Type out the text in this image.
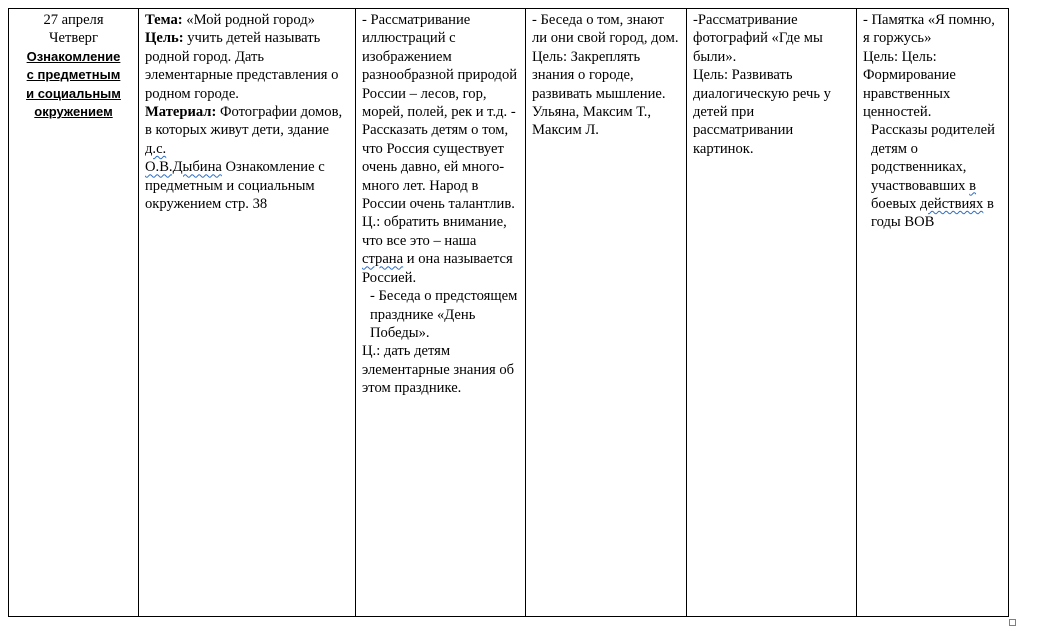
27 апреля
Четверг
Ознакомление
с предметным
и социальным
окружением

Тема: «Мой родной город»
Цель: учить детей называть родной город. Дать элементарные представления о родном городе.
Материал: Фотографии домов, в которых живут дети, здание д.с.
О.В.Дыбина Ознакомление с предметным и социальным окружением стр. 38

- Рассматривание иллюстраций с изображением разнообразной природой России – лесов, гор, морей, полей, рек и т.д. - Рассказать детям о том, что Россия существует очень давно, ей много-много лет. Народ в России очень талантлив.
Ц.: обратить внимание, что все это – наша страна и она называется Россией.
- Беседа о предстоящем празднике «День Победы».
Ц.: дать детям элементарные знания об этом празднике.

- Беседа о том, знают ли они свой город, дом.
Цель: Закреплять знания о городе, развивать мышление.
Ульяна, Максим Т., Максим Л.

-Рассматривание фотографий «Где мы были».
Цель: Развивать диалогическую речь у детей при рассматривании картинок.

- Памятка «Я помню, я горжусь»
Цель: Цель: Формирование нравственных ценностей.
Рассказы родителей детям о родственниках, участвовавших в боевых действиях в годы ВОВ
